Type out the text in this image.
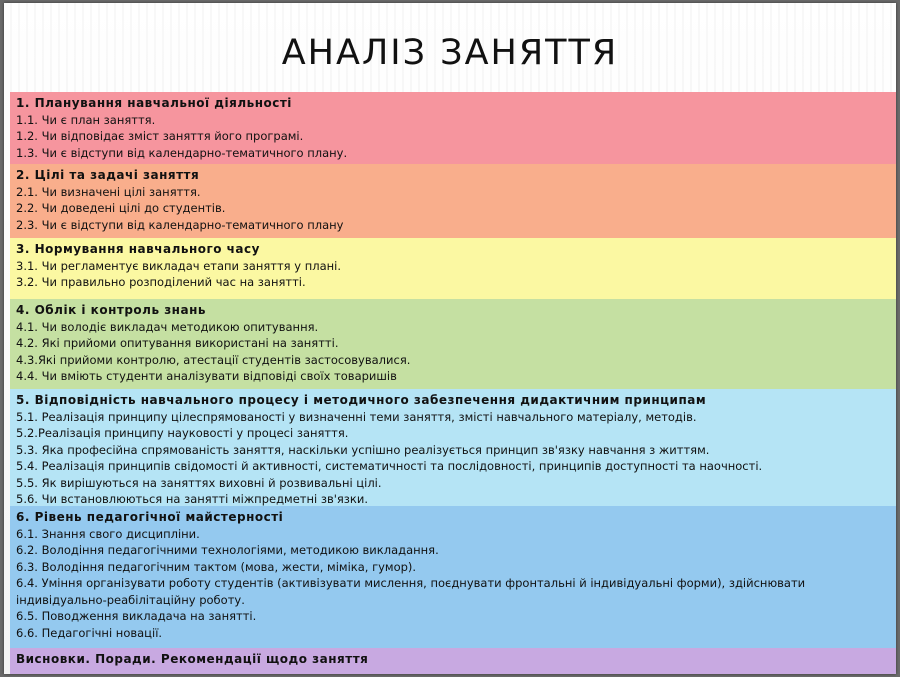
АНАЛІЗ ЗАНЯТТЯ
1. Планування навчальної діяльності
1.1. Чи є план заняття.
1.2. Чи відповідає зміст заняття його програмі.
1.3. Чи є відступи від календарно-тематичного плану.
2. Цілі та задачі заняття
2.1. Чи визначені цілі заняття.
2.2. Чи доведені цілі до студентів.
2.3. Чи є відступи від календарно-тематичного плану
3. Нормування навчального часу
3.1. Чи регламентує викладач етапи заняття у плані.
3.2. Чи правильно розподілений час на занятті.
4. Облік і контроль знань
4.1. Чи володіє викладач методикою опитування.
4.2. Які прийоми опитування використані на занятті.
4.3.Які прийоми контролю, атестації студентів застосовувалися.
4.4. Чи вміють студенти аналізувати відповіді своїх товаришів
5. Відповідність навчального процесу і методичного забезпечення дидактичним принципам
5.1. Реалізація принципу цілеспрямованості у визначенні теми заняття, змісті навчального матеріалу, методів.
5.2.Реалізація принципу науковості у процесі заняття.
5.3. Яка професійна спрямованість заняття, наскільки успішно реалізується принцип зв'язку навчання з життям.
5.4. Реалізація принципів свідомості й активності, систематичності та послідовності, принципів доступності та наочності.
5.5. Як вирішуються на заняттях виховні й розвивальні цілі.
5.6. Чи встановлюються на занятті міжпредметні зв'язки.
6. Рівень педагогічної майстерності
6.1. Знання свого дисципліни.
6.2. Володіння педагогічними технологіями, методикою викладання.
6.3. Володіння педагогічним тактом (мова, жести, міміка, гумор).
6.4. Уміння організувати роботу студентів (активізувати мислення, поєднувати фронтальні й індивідуальні форми), здійснювати індивідуально-реабілітаційну роботу.
6.5. Поводження викладача на занятті.
6.6. Педагогічні новації.
Висновки. Поради. Рекомендації щодо заняття
